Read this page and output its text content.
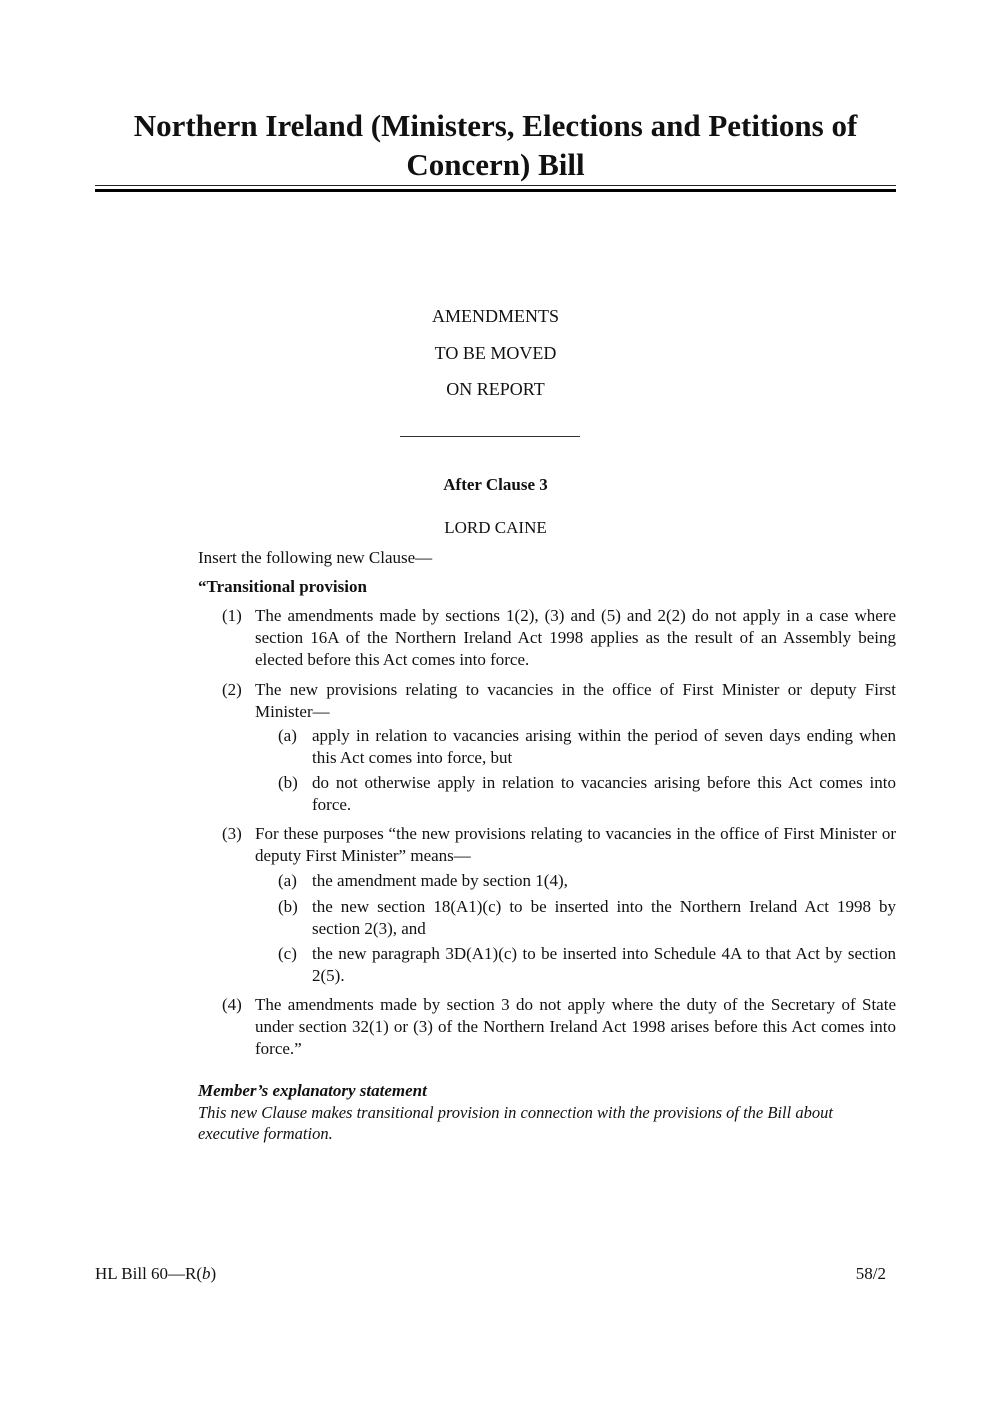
Northern Ireland (Ministers, Elections and Petitions of Concern) Bill
AMENDMENTS
TO BE MOVED
ON REPORT
After Clause 3
LORD CAINE
Insert the following new Clause—
“Transitional provision
(1) The amendments made by sections 1(2), (3) and (5) and 2(2) do not apply in a case where section 16A of the Northern Ireland Act 1998 applies as the result of an Assembly being elected before this Act comes into force.
(2) The new provisions relating to vacancies in the office of First Minister or deputy First Minister—
(a) apply in relation to vacancies arising within the period of seven days ending when this Act comes into force, but
(b) do not otherwise apply in relation to vacancies arising before this Act comes into force.
(3) For these purposes “the new provisions relating to vacancies in the office of First Minister or deputy First Minister” means—
(a) the amendment made by section 1(4),
(b) the new section 18(A1)(c) to be inserted into the Northern Ireland Act 1998 by section 2(3), and
(c) the new paragraph 3D(A1)(c) to be inserted into Schedule 4A to that Act by section 2(5).
(4) The amendments made by section 3 do not apply where the duty of the Secretary of State under section 32(1) or (3) of the Northern Ireland Act 1998 arises before this Act comes into force.”
Member’s explanatory statement
This new Clause makes transitional provision in connection with the provisions of the Bill about executive formation.
HL Bill 60—R(b)	58/2
